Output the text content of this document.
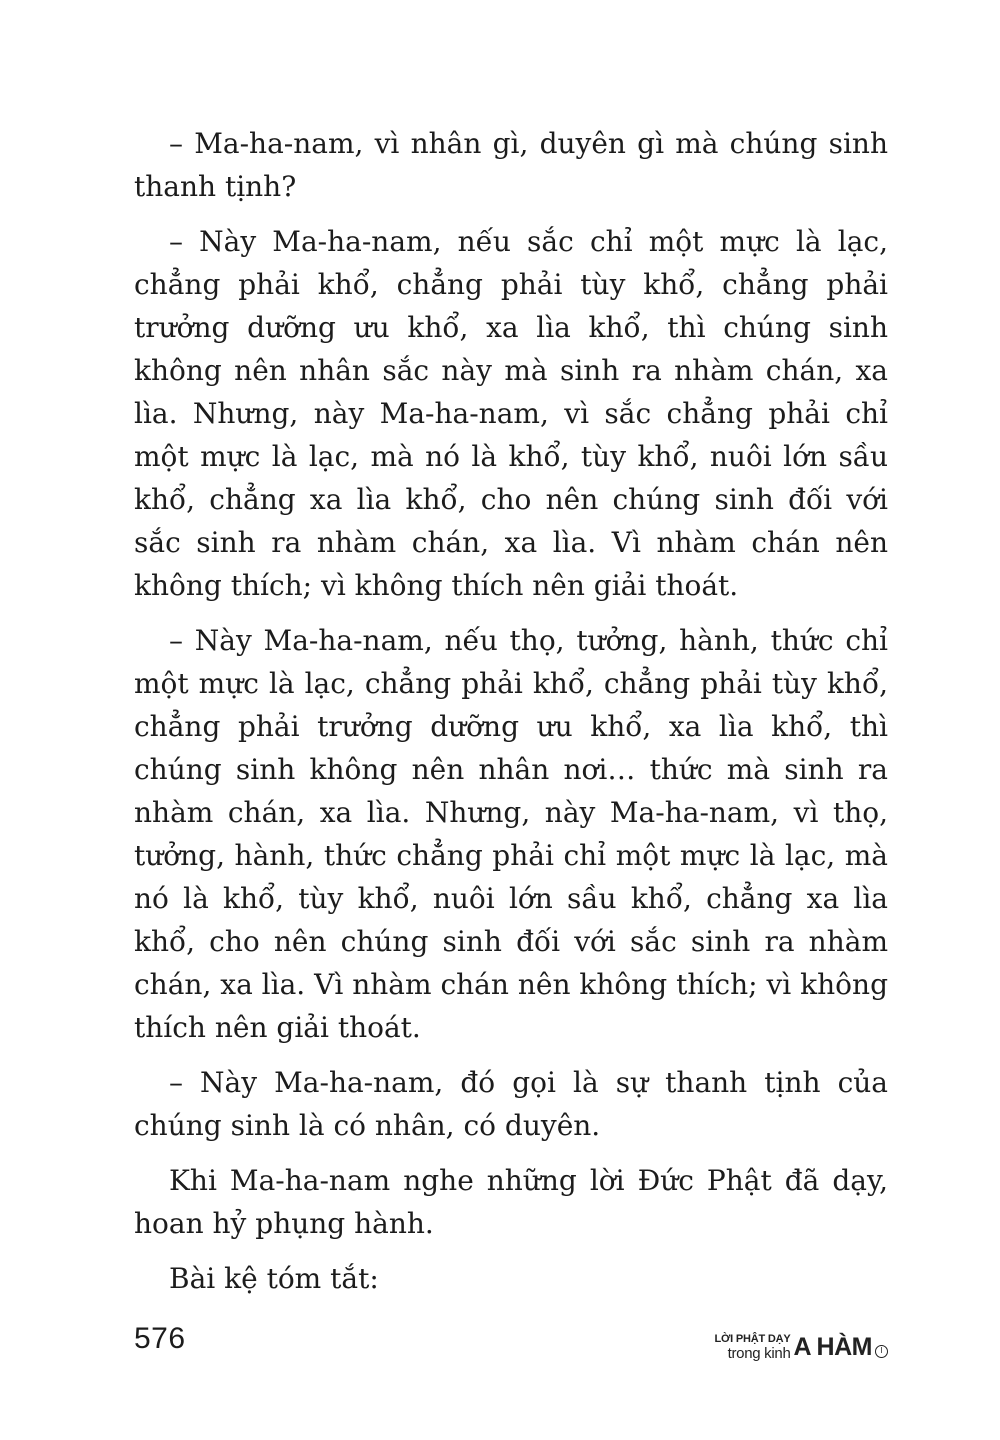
– Ma-ha-nam, vì nhân gì, duyên gì mà chúng sinh thanh tịnh?

– Này Ma-ha-nam, nếu sắc chỉ một mực là lạc, chẳng phải khổ, chẳng phải tùy khổ, chẳng phải trưởng dưỡng ưu khổ, xa lìa khổ, thì chúng sinh không nên nhân sắc này mà sinh ra nhàm chán, xa lìa. Nhưng, này Ma-ha-nam, vì sắc chẳng phải chỉ một mực là lạc, mà nó là khổ, tùy khổ, nuôi lớn sầu khổ, chẳng xa lìa khổ, cho nên chúng sinh đối với sắc sinh ra nhàm chán, xa lìa. Vì nhàm chán nên không thích; vì không thích nên giải thoát.

– Này Ma-ha-nam, nếu thọ, tưởng, hành, thức chỉ một mực là lạc, chẳng phải khổ, chẳng phải tùy khổ, chẳng phải trưởng dưỡng ưu khổ, xa lìa khổ, thì chúng sinh không nên nhân nơi… thức mà sinh ra nhàm chán, xa lìa. Nhưng, này Ma-ha-nam, vì thọ, tưởng, hành, thức chẳng phải chỉ một mực là lạc, mà nó là khổ, tùy khổ, nuôi lớn sầu khổ, chẳng xa lìa khổ, cho nên chúng sinh đối với sắc sinh ra nhàm chán, xa lìa. Vì nhàm chán nên không thích; vì không thích nên giải thoát.

– Này Ma-ha-nam, đó gọi là sự thanh tịnh của chúng sinh là có nhân, có duyên.

Khi Ma-ha-nam nghe những lời Đức Phật đã dạy, hoan hỷ phụng hành.

Bài kệ tóm tắt:

576	LỜI PHẬT DẠY
trong kinh A HÀM	I
